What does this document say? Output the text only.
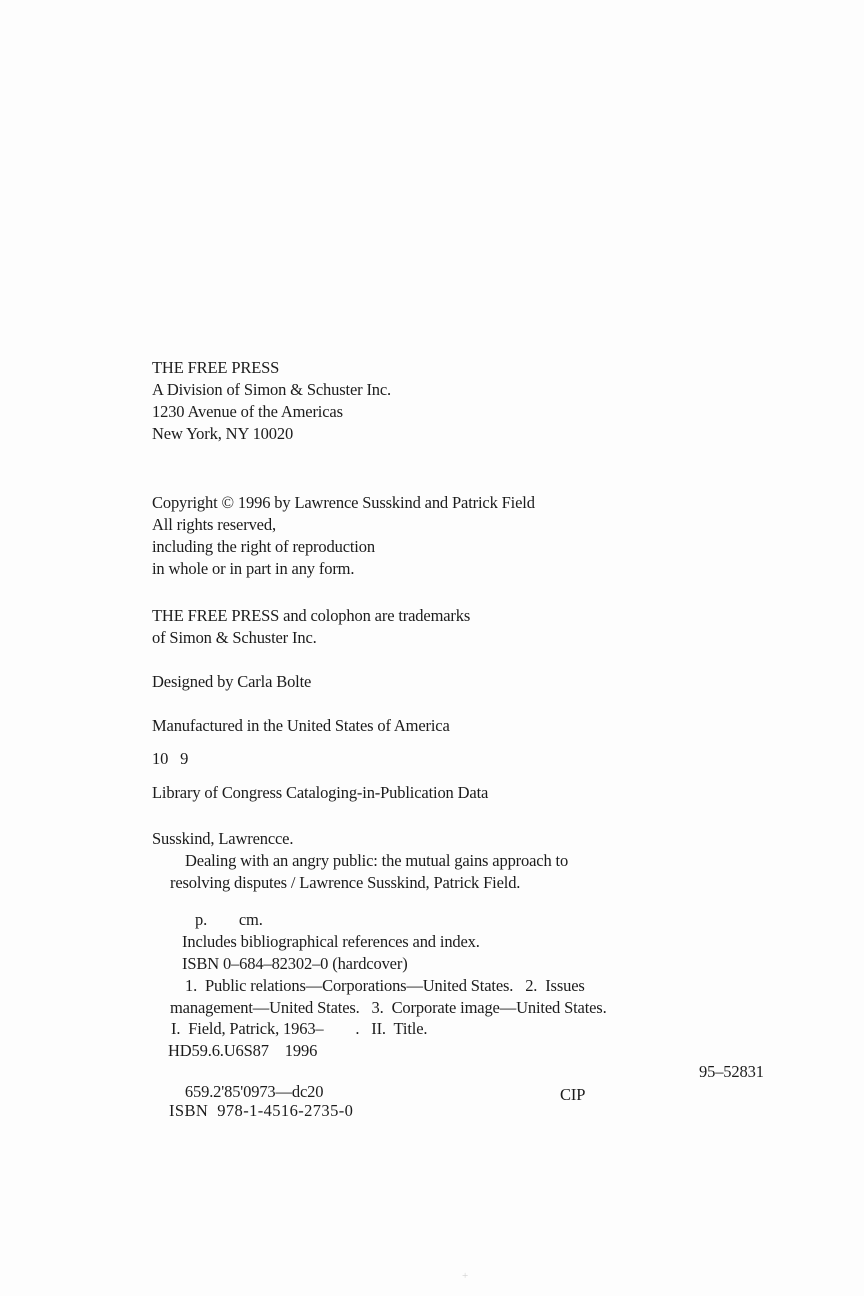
THE FREE PRESS
A Division of Simon & Schuster Inc.
1230 Avenue of the Americas
New York, NY 10020
Copyright © 1996 by Lawrence Susskind and Patrick Field
All rights reserved,
including the right of reproduction
in whole or in part in any form.
THE FREE PRESS and colophon are trademarks
of Simon & Schuster Inc.
Designed by Carla Bolte
Manufactured in the United States of America
10   9
Library of Congress Cataloging-in-Publication Data
Susskind, Lawrencce.
Dealing with an angry public: the mutual gains approach to
resolving disputes / Lawrence Susskind, Patrick Field.
p.        cm.
Includes bibliographical references and index.
ISBN 0–684–82302–0 (hardcover)
1.  Public relations—Corporations—United States.   2.  Issues
management—United States.   3.  Corporate image—United States.
I.  Field, Patrick, 1963–        .   II.  Title.
HD59.6.U6S87    1996

659.2'85'0973—dc20

95–52831

CIP
ISBN  978-1-4516-2735-0
+
